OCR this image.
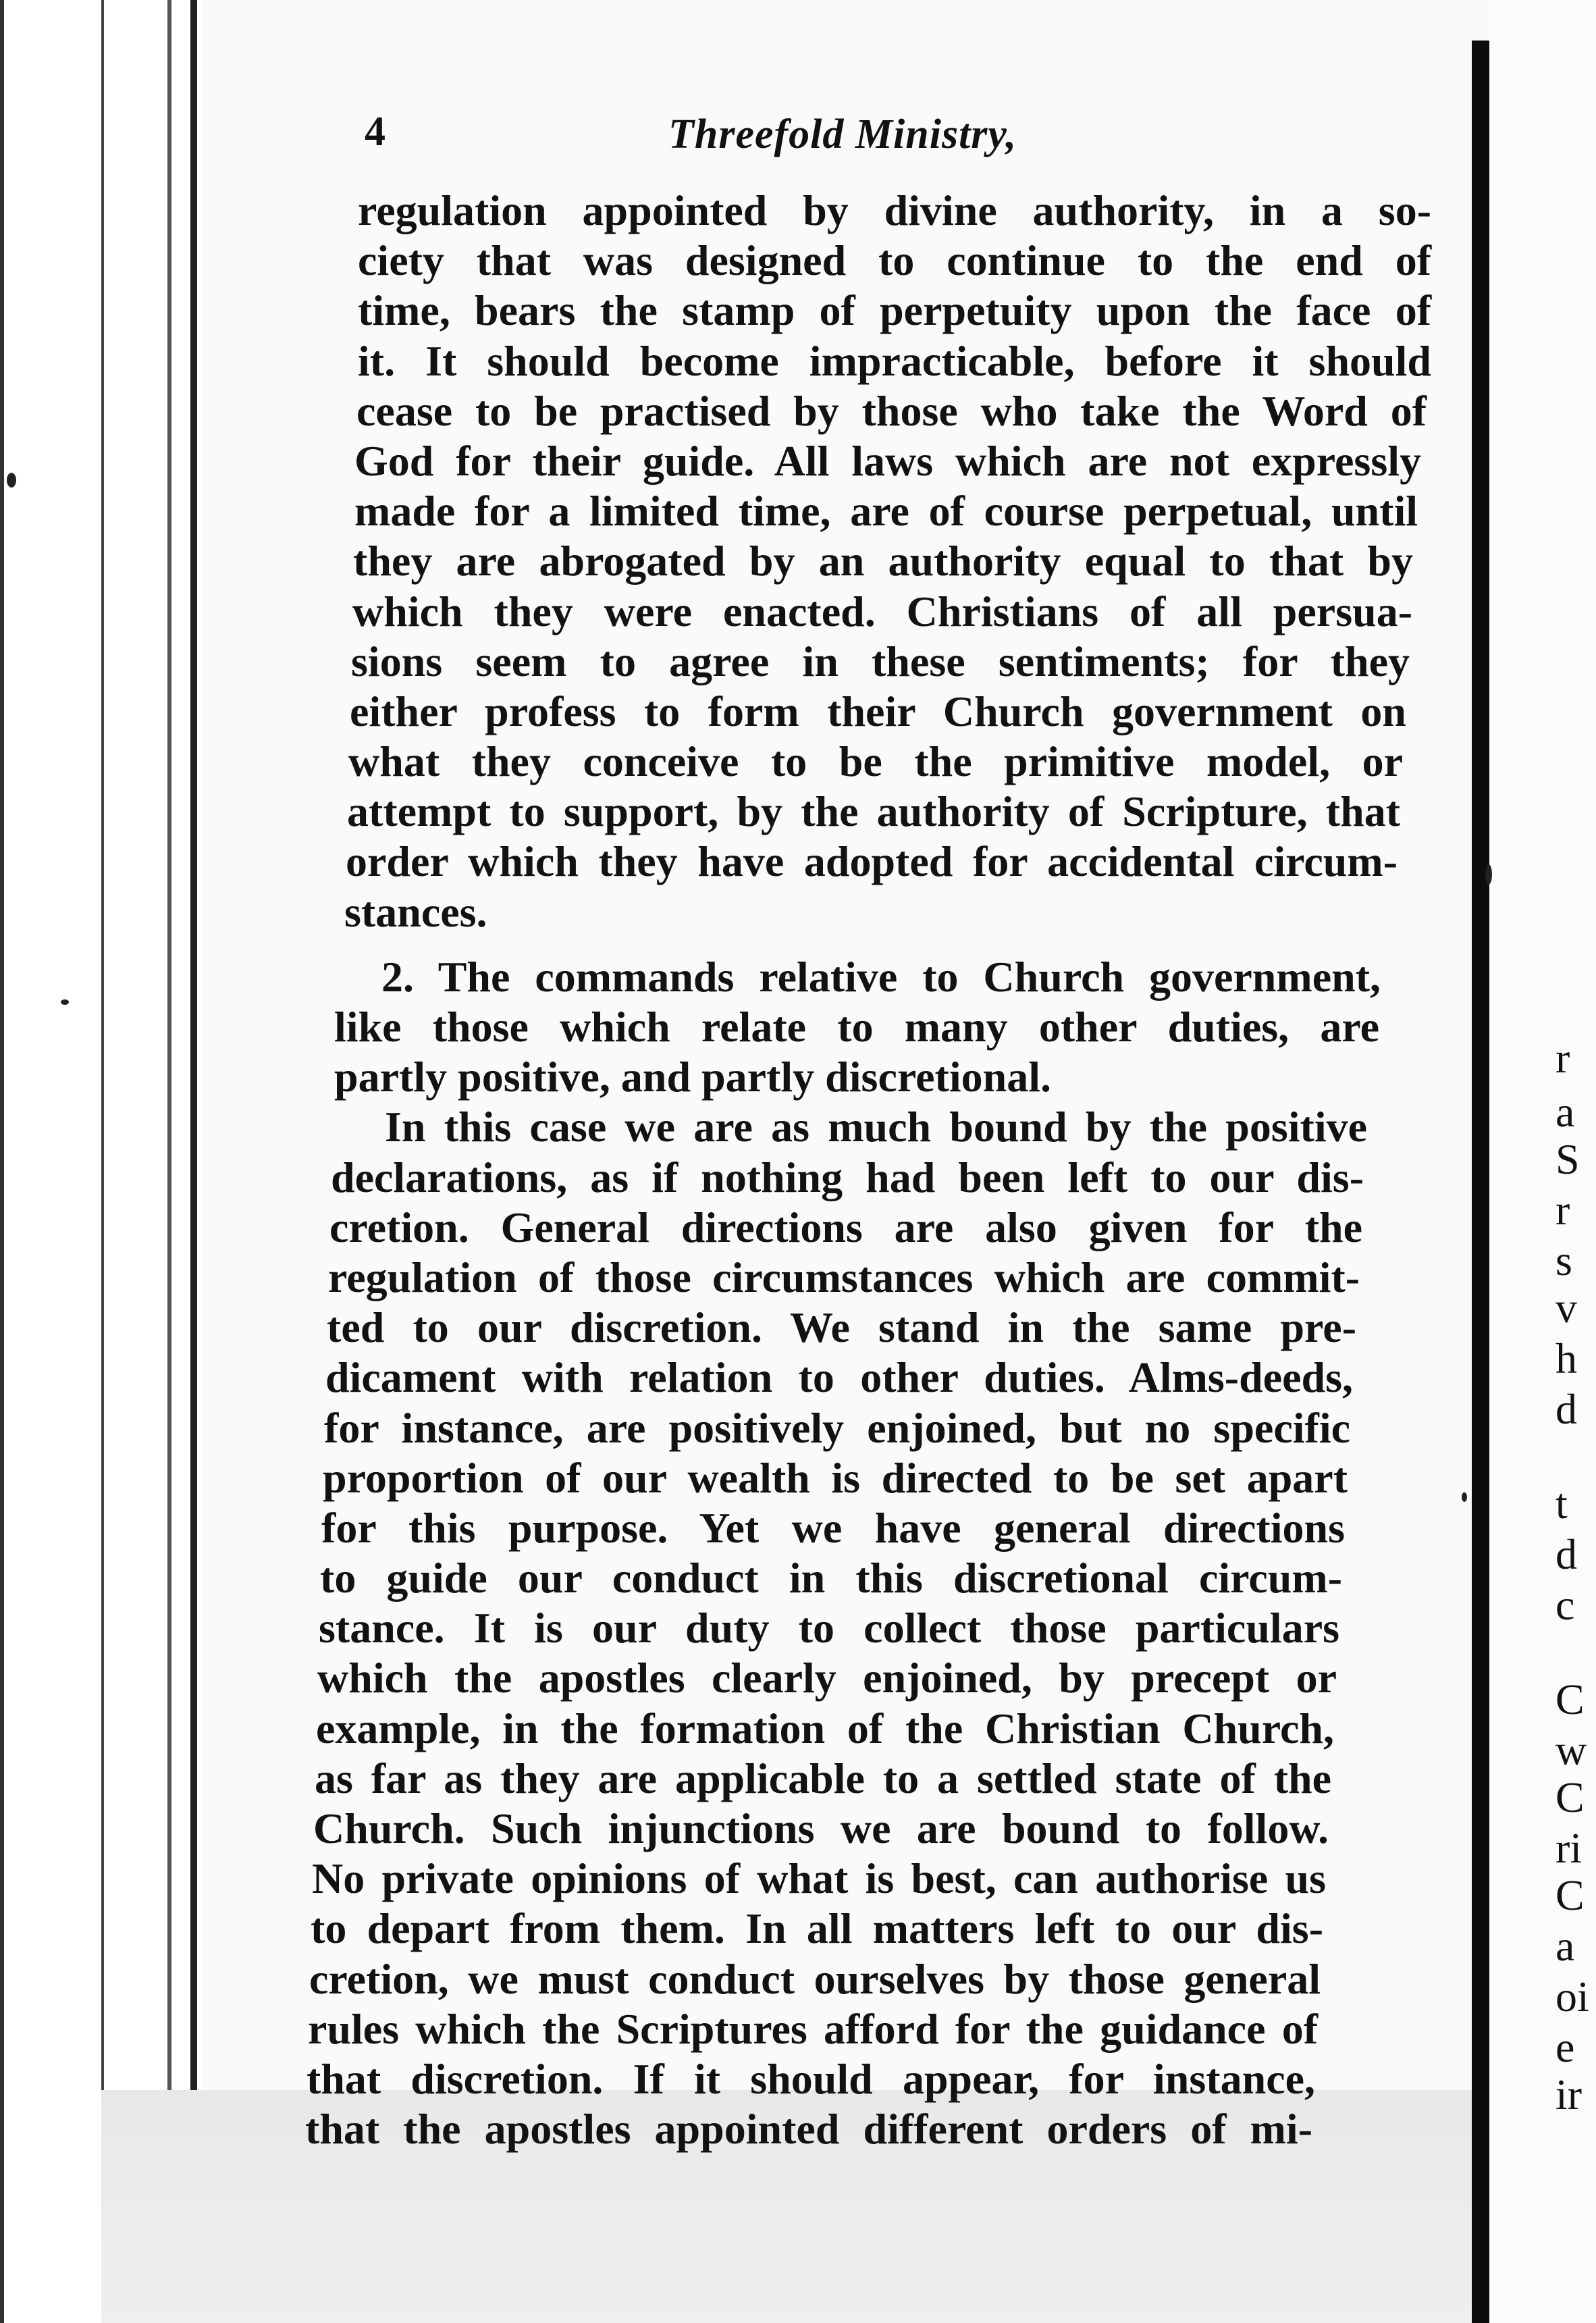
r
a
S
r
s
v
h
d
t
d
c
C
w
C
ri
C
a
oi
e
ir
4	Threefold Ministry,
regulation appointed by divine authority, in a so-
ciety that was designed to continue to the end of
time, bears the stamp of perpetuity upon the face of
it. It should become impracticable, before it should
cease to be practised by those who take the Word of
God for their guide. All laws which are not expressly
made for a limited time, are of course perpetual, until
they are abrogated by an authority equal to that by
which they were enacted. Christians of all persua-
sions seem to agree in these sentiments; for they
either profess to form their Church government on
what they conceive to be the primitive model, or
attempt to support, by the authority of Scripture, that
order which they have adopted for accidental circum-
stances.
2. The commands relative to Church government,
like those which relate to many other duties, are
partly positive, and partly discretional.
In this case we are as much bound by the positive
declarations, as if nothing had been left to our dis-
cretion. General directions are also given for the
regulation of those circumstances which are commit-
ted to our discretion. We stand in the same pre-
dicament with relation to other duties. Alms-deeds,
for instance, are positively enjoined, but no specific
proportion of our wealth is directed to be set apart
for this purpose. Yet we have general directions
to guide our conduct in this discretional circum-
stance. It is our duty to collect those particulars
which the apostles clearly enjoined, by precept or
example, in the formation of the Christian Church,
as far as they are applicable to a settled state of the
Church. Such injunctions we are bound to follow.
No private opinions of what is best, can authorise us
to depart from them. In all matters left to our dis-
cretion, we must conduct ourselves by those general
rules which the Scriptures afford for the guidance of
that discretion. If it should appear, for instance,
that the apostles appointed different orders of mi-
